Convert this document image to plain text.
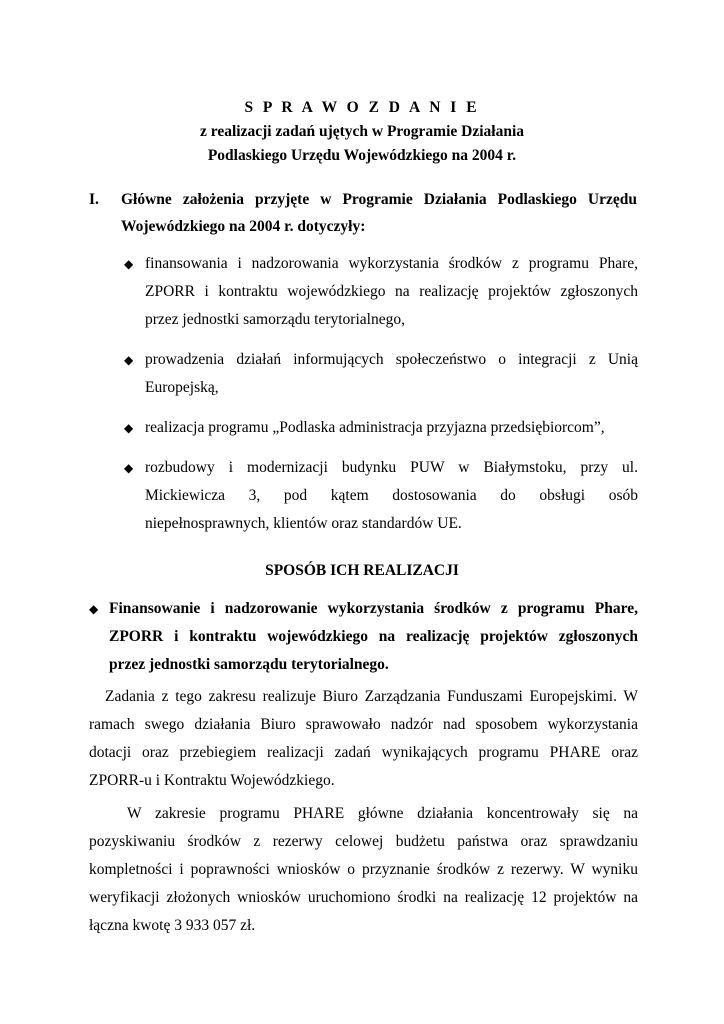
S P R A W O Z D A N I E
z realizacji zadań ujętych w Programie Działania
Podlaskiego Urzędu Wojewódzkiego na 2004 r.
I. Główne założenia przyjęte w Programie Działania Podlaskiego Urzędu
Wojewódzkiego na 2004 r. dotyczyły:
◆ finansowania i nadzorowania wykorzystania środków z programu Phare,
ZPORR i kontraktu wojewódzkiego na realizację projektów zgłoszonych
przez jednostki samorządu terytorialnego,
◆ prowadzenia działań informujących społeczeństwo o integracji z Unią
Europejską,
◆ realizacja programu „Podlaska administracja przyjazna przedsiębiorcom”,
◆ rozbudowy i modernizacji budynku PUW w Białymstoku, przy ul.
Mickiewicza 3, pod kątem dostosowania do obsługi osób
niepełnosprawnych, klientów oraz standardów UE.
SPOSÓB ICH REALIZACJI
◆ Finansowanie i nadzorowanie wykorzystania środków z programu Phare,
ZPORR i kontraktu wojewódzkiego na realizację projektów zgłoszonych
przez jednostki samorządu terytorialnego.
Zadania z tego zakresu realizuje Biuro Zarządzania Funduszami Europejskimi. W
ramach swego działania Biuro sprawowało nadzór nad sposobem wykorzystania
dotacji oraz przebiegiem realizacji zadań wynikających programu PHARE oraz
ZPORR-u i Kontraktu Wojewódzkiego.
W zakresie programu PHARE główne działania koncentrowały się na
pozyskiwaniu środków z rezerwy celowej budżetu państwa oraz sprawdzaniu
kompletności i poprawności wniosków o przyznanie środków z rezerwy. W wyniku
weryfikacji złożonych wniosków uruchomiono środki na realizację 12 projektów na
łączna kwotę 3 933 057 zł.
